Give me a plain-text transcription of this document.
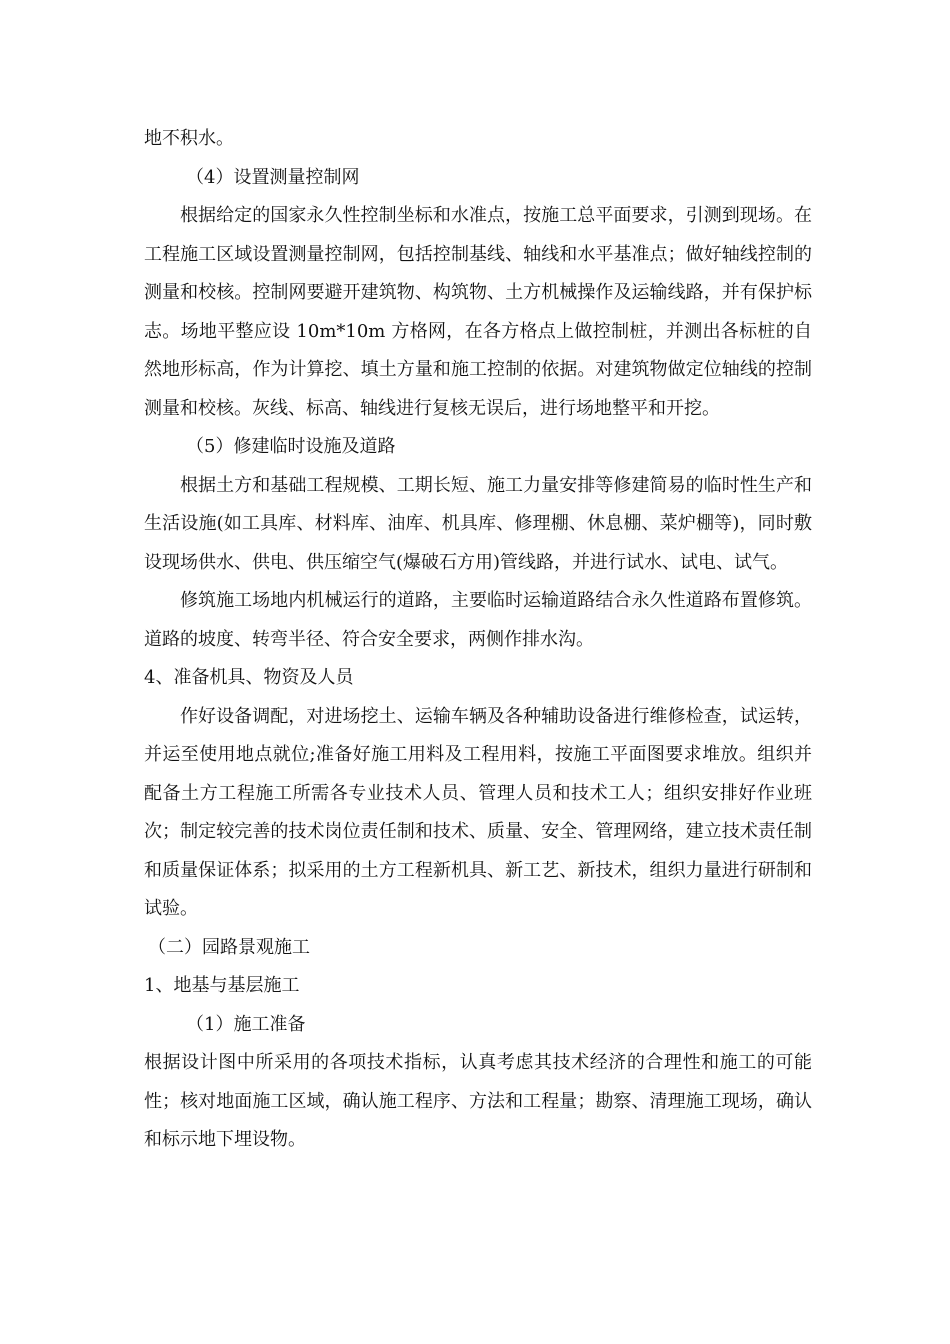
地不积水。

（4）设置测量控制网

根据给定的国家永久性控制坐标和水准点，按施工总平面要求，引测到现场。在工程施工区域设置测量控制网，包括控制基线、轴线和水平基准点；做好轴线控制的测量和校核。控制网要避开建筑物、构筑物、土方机械操作及运输线路，并有保护标志。场地平整应设 10m*10m 方格网，在各方格点上做控制桩，并测出各标桩的自然地形标高，作为计算挖、填土方量和施工控制的依据。对建筑物做定位轴线的控制测量和校核。灰线、标高、轴线进行复核无误后，进行场地整平和开挖。

（5）修建临时设施及道路

根据土方和基础工程规模、工期长短、施工力量安排等修建简易的临时性生产和生活设施(如工具库、材料库、油库、机具库、修理棚、休息棚、菜炉棚等)，同时敷设现场供水、供电、供压缩空气(爆破石方用)管线路，并进行试水、试电、试气。

修筑施工场地内机械运行的道路，主要临时运输道路结合永久性道路布置修筑。道路的坡度、转弯半径、符合安全要求，两侧作排水沟。

4、准备机具、物资及人员

作好设备调配，对进场挖土、运输车辆及各种辅助设备进行维修检查，试运转，并运至使用地点就位;准备好施工用料及工程用料，按施工平面图要求堆放。组织并配备土方工程施工所需各专业技术人员、管理人员和技术工人；组织安排好作业班次；制定较完善的技术岗位责任制和技术、质量、安全、管理网络，建立技术责任制和质量保证体系；拟采用的土方工程新机具、新工艺、新技术，组织力量进行研制和试验。

（二）园路景观施工

1、地基与基层施工

（1）施工准备

根据设计图中所采用的各项技术指标，认真考虑其技术经济的合理性和施工的可能性；核对地面施工区域，确认施工程序、方法和工程量；勘察、清理施工现场，确认和标示地下埋设物。
